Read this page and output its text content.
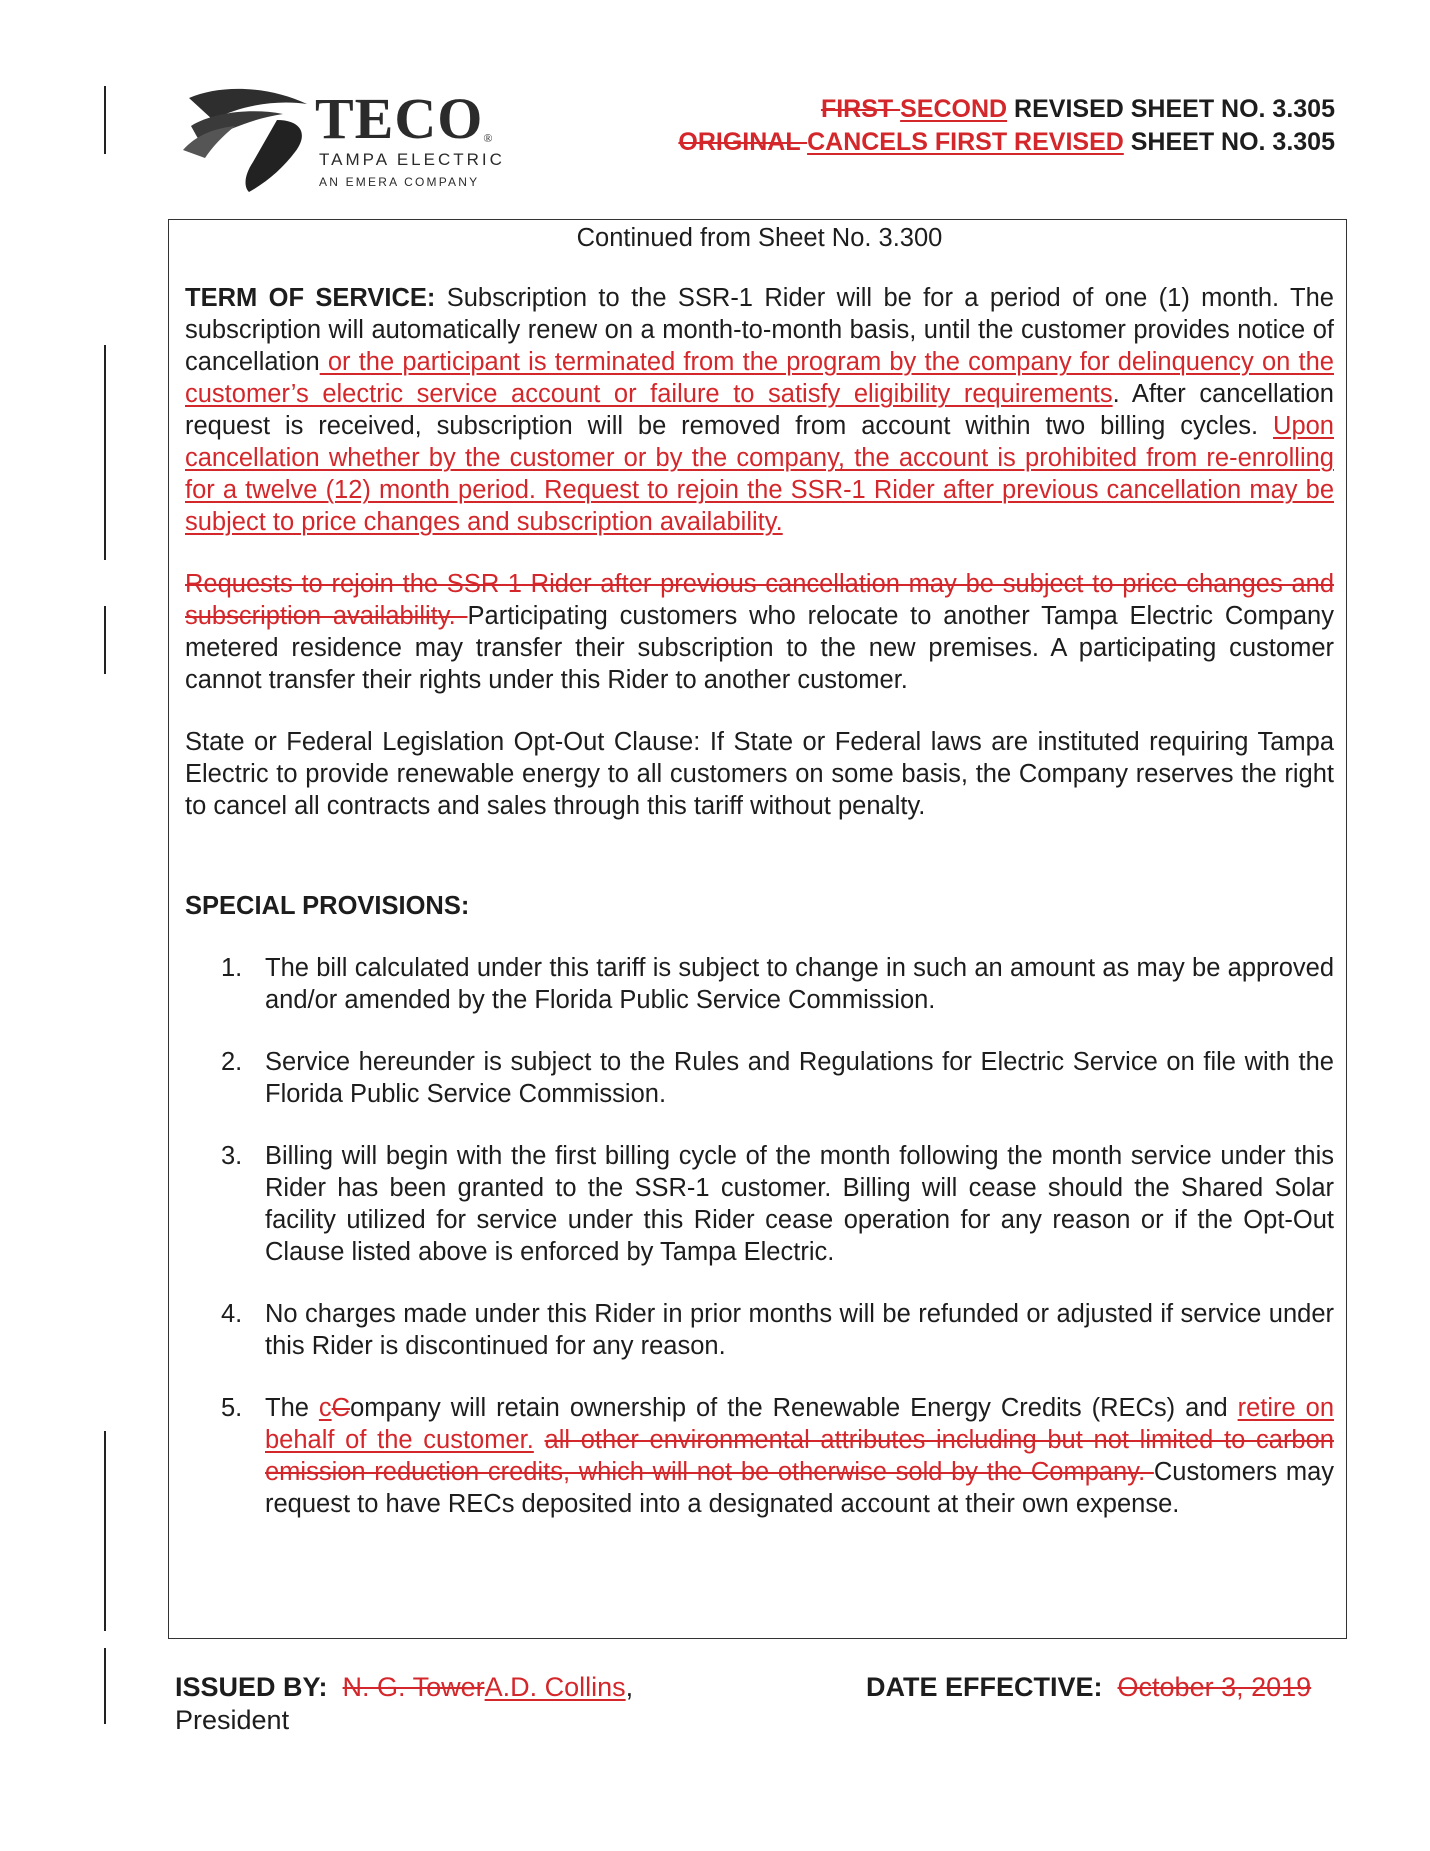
TECO®
TAMPA ELECTRIC
AN EMERA COMPANY
FIRST SECOND REVISED SHEET NO. 3.305
ORIGINAL CANCELS FIRST REVISED SHEET NO. 3.305

Continued from Sheet No. 3.300

TERM OF SERVICE: Subscription to the SSR-1 Rider will be for a period of one (1) month. The subscription will automatically renew on a month-to-month basis, until the customer provides notice of cancellation or the participant is terminated from the program by the company for delinquency on the customer’s electric service account or failure to satisfy eligibility requirements. After cancellation request is received, subscription will be removed from account within two billing cycles. Upon cancellation whether by the customer or by the company, the account is prohibited from re-enrolling for a twelve (12) month period. Request to rejoin the SSR-1 Rider after previous cancellation may be subject to price changes and subscription availability.

Requests to rejoin the SSR-1 Rider after previous cancellation may be subject to price changes and subscription availability. Participating customers who relocate to another Tampa Electric Company metered residence may transfer their subscription to the new premises. A participating customer cannot transfer their rights under this Rider to another customer.

State or Federal Legislation Opt-Out Clause: If State or Federal laws are instituted requiring Tampa Electric to provide renewable energy to all customers on some basis, the Company reserves the right to cancel all contracts and sales through this tariff without penalty.

SPECIAL PROVISIONS:

1. The bill calculated under this tariff is subject to change in such an amount as may be approved and/or amended by the Florida Public Service Commission.
2. Service hereunder is subject to the Rules and Regulations for Electric Service on file with the Florida Public Service Commission.
3. Billing will begin with the first billing cycle of the month following the month service under this Rider has been granted to the SSR-1 customer. Billing will cease should the Shared Solar facility utilized for service under this Rider cease operation for any reason or if the Opt-Out Clause listed above is enforced by Tampa Electric.
4. No charges made under this Rider in prior months will be refunded or adjusted if service under this Rider is discontinued for any reason.
5. The cCompany will retain ownership of the Renewable Energy Credits (RECs) and retire on behalf of the customer. all other environmental attributes including but not limited to carbon emission reduction credits, which will not be otherwise sold by the Company. Customers may request to have RECs deposited into a designated account at their own expense.
ISSUED BY: N. G. TowerA.D. Collins,
President
DATE EFFECTIVE: October 3, 2019
